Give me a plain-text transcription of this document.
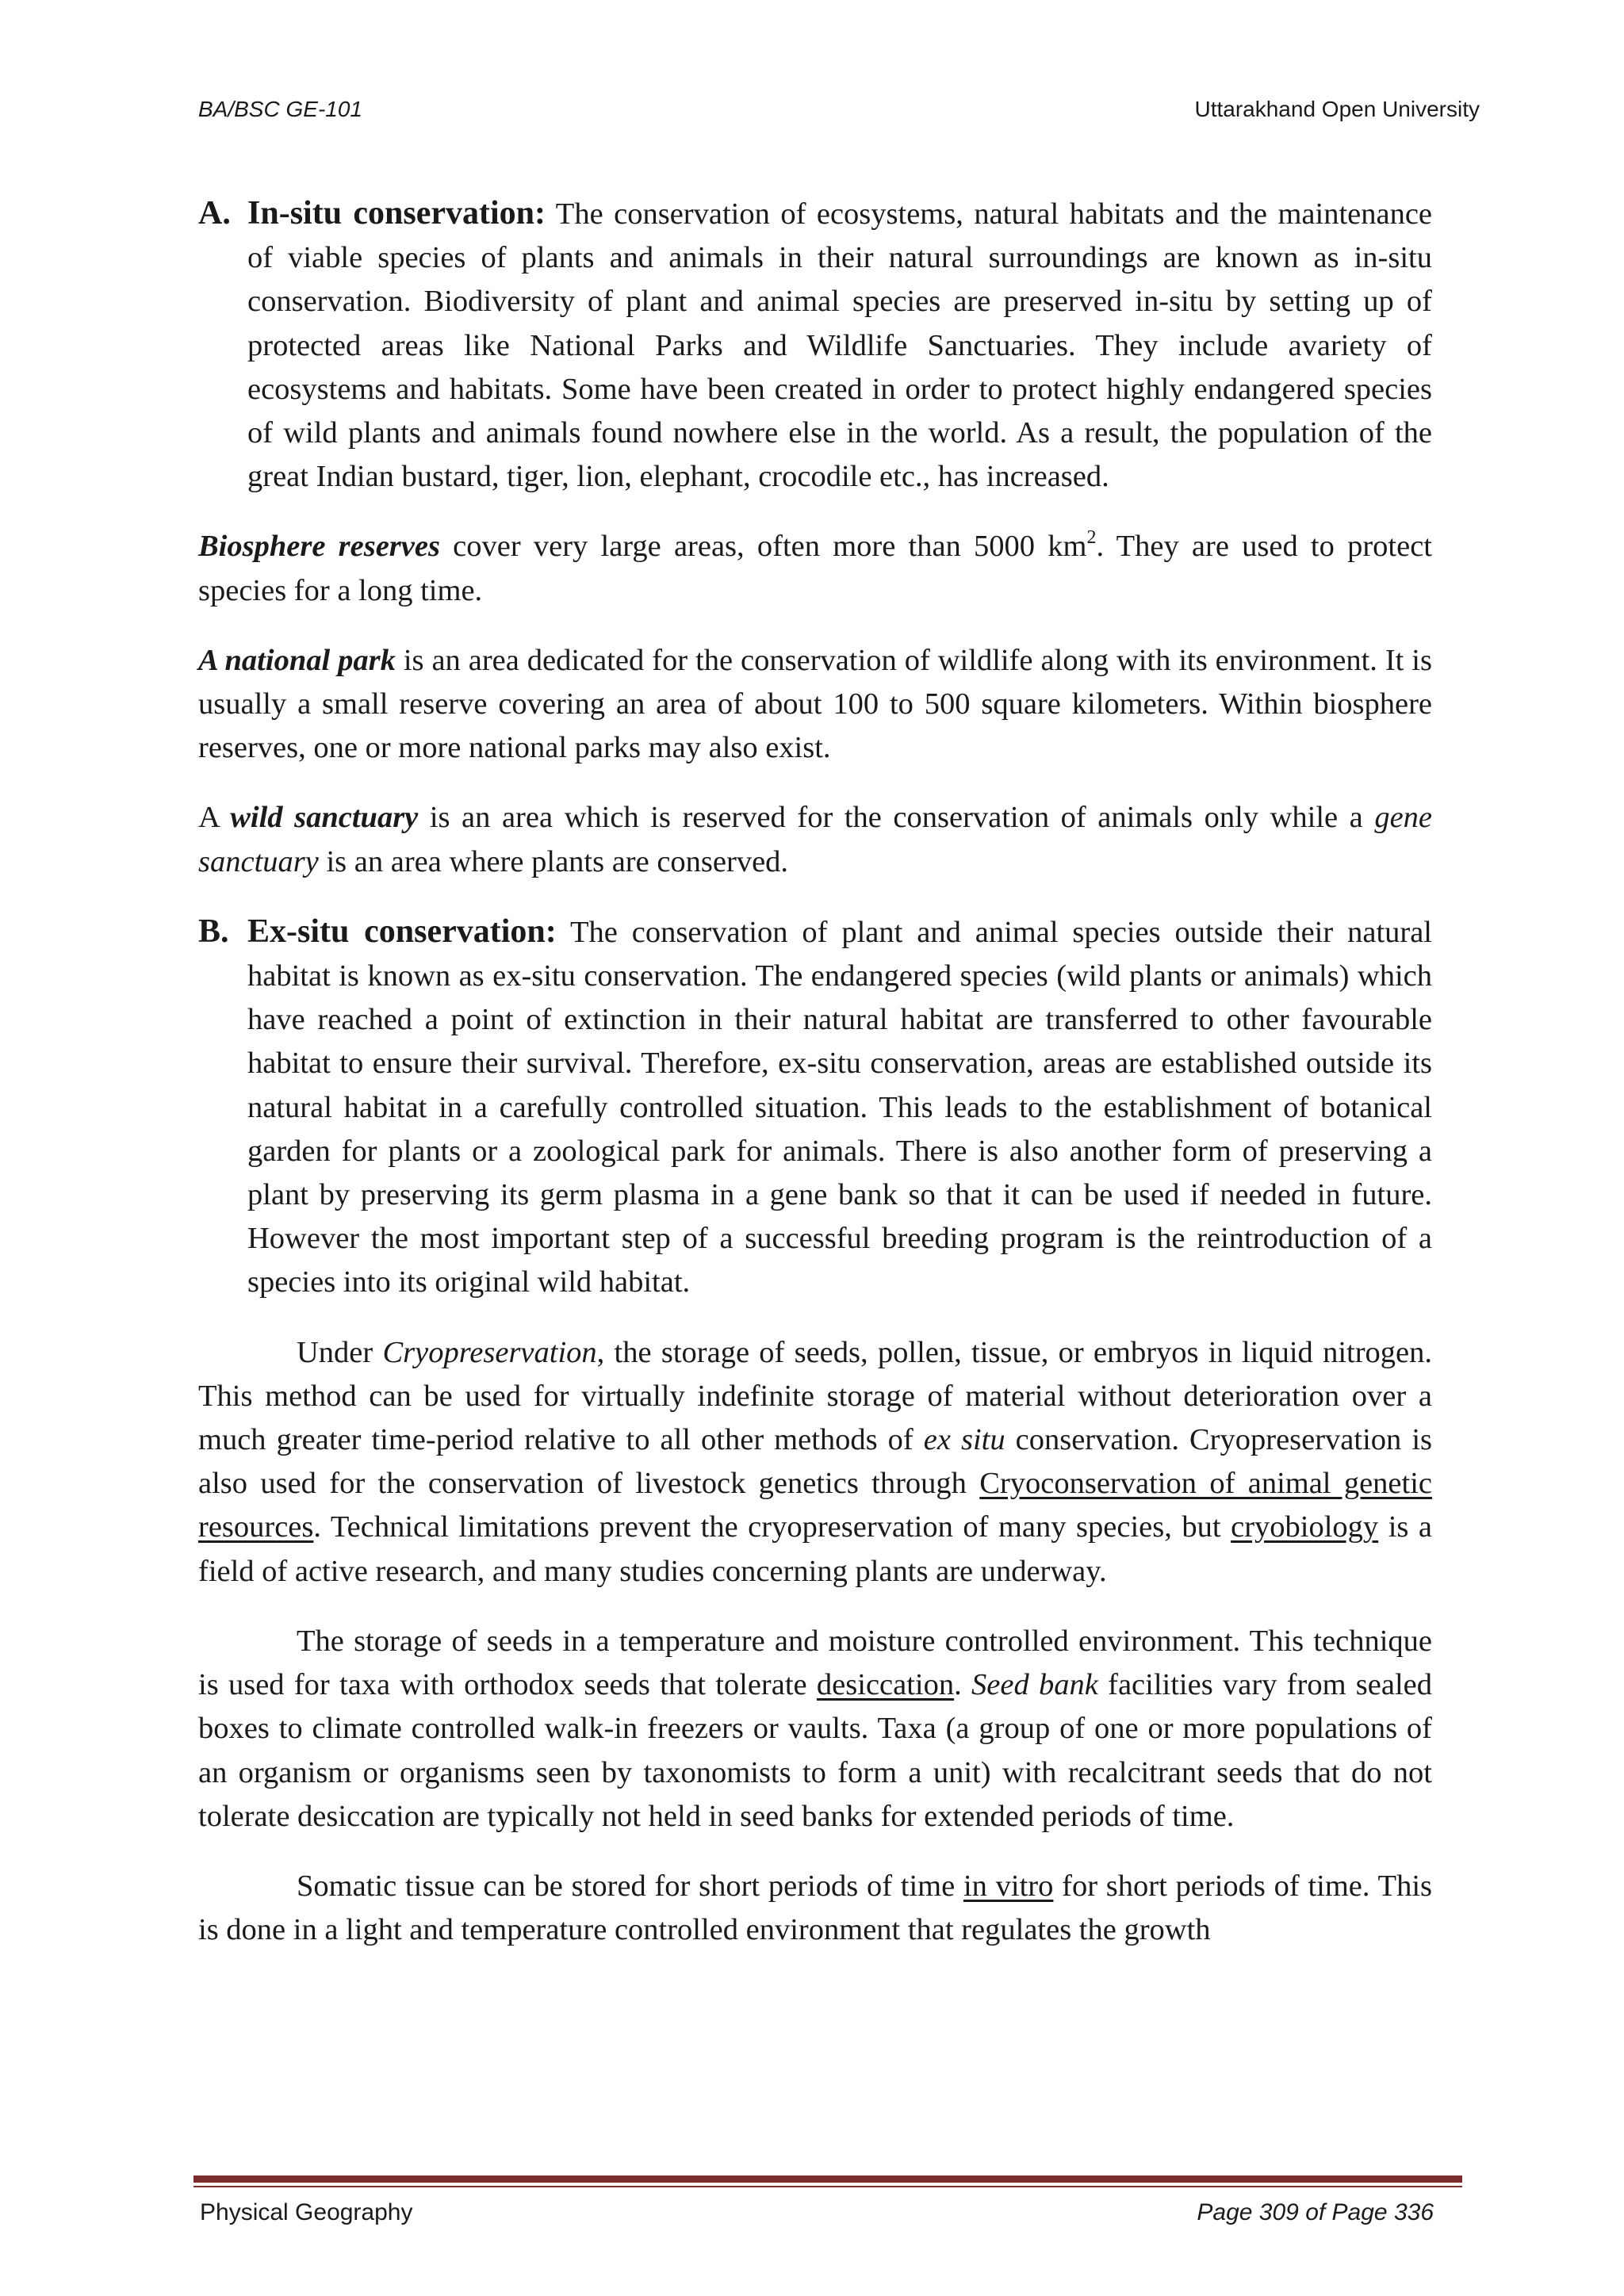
BA/BSC GE-101	Uttarakhand Open University
A. In-situ conservation: The conservation of ecosystems, natural habitats and the maintenance of viable species of plants and animals in their natural surroundings are known as in-situ conservation. Biodiversity of plant and animal species are preserved in-situ by setting up of protected areas like National Parks and Wildlife Sanctuaries. They include avariety of ecosystems and habitats. Some have been created in order to protect highly endangered species of wild plants and animals found nowhere else in the world. As a result, the population of the great Indian bustard, tiger, lion, elephant, crocodile etc., has increased.

Biosphere reserves cover very large areas, often more than 5000 $km^2$. They are used to protect species for a long time.

A national park is an area dedicated for the conservation of wildlife along with its environment. It is usually a small reserve covering an area of about 100 to 500 square kilometers. Within biosphere reserves, one or more national parks may also exist.

A wild sanctuary is an area which is reserved for the conservation of animals only while a gene sanctuary is an area where plants are conserved.

B. Ex-situ conservation: The conservation of plant and animal species outside their natural habitat is known as ex-situ conservation. The endangered species (wild plants or animals) which have reached a point of extinction in their natural habitat are transferred to other favourable habitat to ensure their survival. Therefore, ex-situ conservation, areas are established outside its natural habitat in a carefully controlled situation. This leads to the establishment of botanical garden for plants or a zoological park for animals. There is also another form of preserving a plant by preserving its germ plasma in a gene bank so that it can be used if needed in future. However the most important step of a successful breeding program is the reintroduction of a species into its original wild habitat.

Under Cryopreservation, the storage of seeds, pollen, tissue, or embryos in liquid nitrogen. This method can be used for virtually indefinite storage of material without deterioration over a much greater time-period relative to all other methods of ex situ conservation. Cryopreservation is also used for the conservation of livestock genetics through Cryoconservation of animal genetic resources. Technical limitations prevent the cryopreservation of many species, but cryobiology is a field of active research, and many studies concerning plants are underway.

The storage of seeds in a temperature and moisture controlled environment. This technique is used for taxa with orthodox seeds that tolerate desiccation. Seed bank facilities vary from sealed boxes to climate controlled walk-in freezers or vaults. Taxa (a group of one or more populations of an organism or organisms seen by taxonomists to form a unit) with recalcitrant seeds that do not tolerate desiccation are typically not held in seed banks for extended periods of time.

Somatic tissue can be stored for short periods of time in vitro for short periods of time. This is done in a light and temperature controlled environment that regulates the growth

Physical Geography	Page 309 of Page 336
